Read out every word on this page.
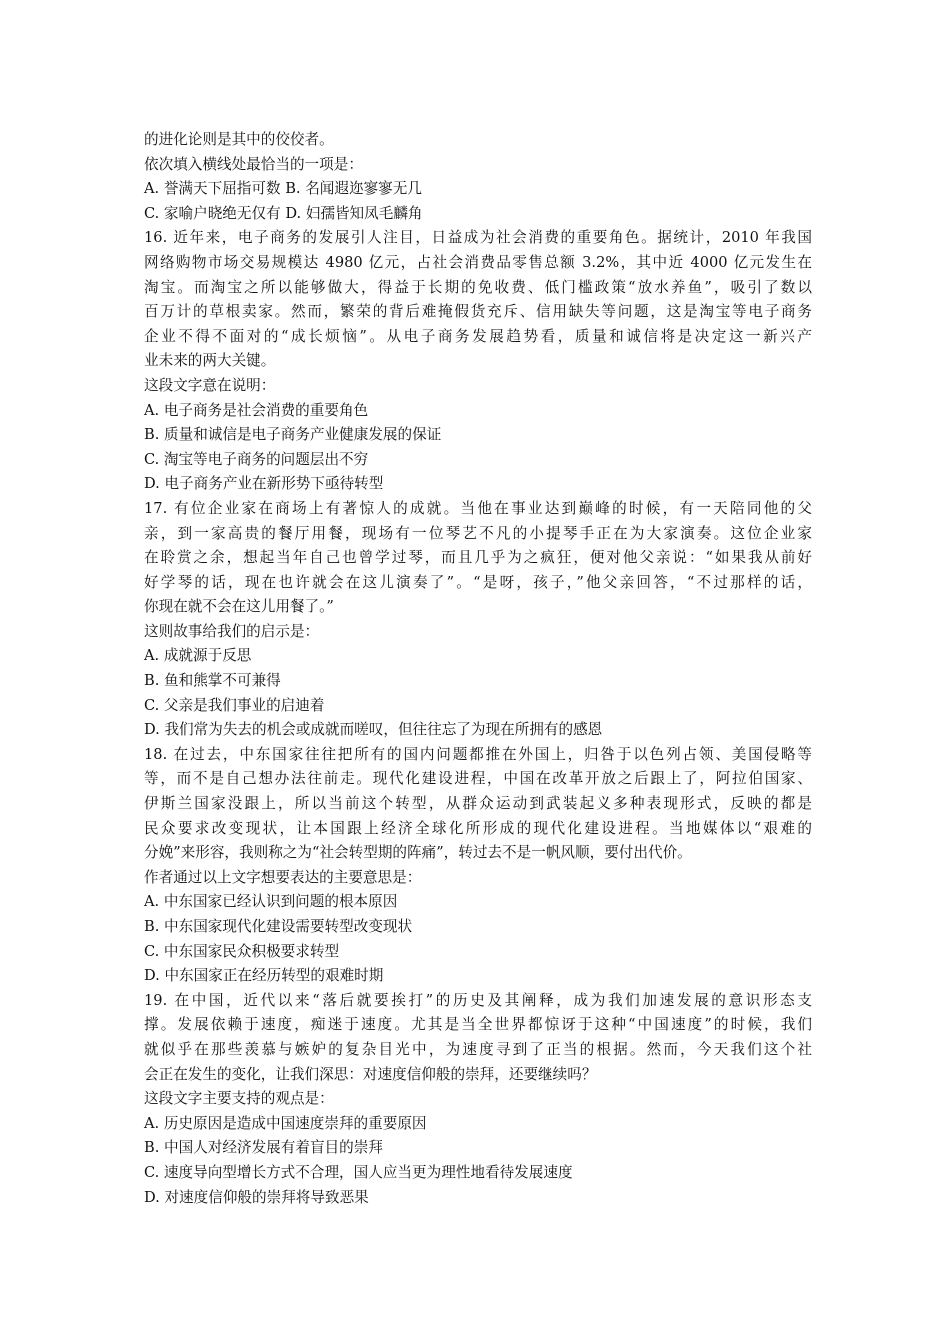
的进化论则是其中的佼佼者。
依次填入横线处最恰当的一项是：
A. 誉满天下屈指可数 B. 名闻遐迩寥寥无几
C. 家喻户晓绝无仅有 D. 妇孺皆知凤毛麟角
16. 近年来，电子商务的发展引人注目，日益成为社会消费的重要角色。据统计，2010 年我国
网络购物市场交易规模达 4980 亿元，占社会消费品零售总额 3.2%，其中近 4000 亿元发生在
淘宝。而淘宝之所以能够做大，得益于长期的免收费、低门槛政策“放水养鱼”，吸引了数以
百万计的草根卖家。然而，繁荣的背后难掩假货充斥、信用缺失等问题，这是淘宝等电子商务
企业不得不面对的“成长烦恼”。从电子商务发展趋势看，质量和诚信将是决定这一新兴产
业未来的两大关键。
这段文字意在说明：
A. 电子商务是社会消费的重要角色
B. 质量和诚信是电子商务产业健康发展的保证
C. 淘宝等电子商务的问题层出不穷
D. 电子商务产业在新形势下亟待转型
17. 有位企业家在商场上有著惊人的成就。当他在事业达到巅峰的时候，有一天陪同他的父
亲，到一家高贵的餐厅用餐，现场有一位琴艺不凡的小提琴手正在为大家演奏。这位企业家
在聆赏之余，想起当年自己也曾学过琴，而且几乎为之疯狂，便对他父亲说：“如果我从前好
好学琴的话，现在也许就会在这儿演奏了”。“是呀，孩子，”他父亲回答，“不过那样的话，
你现在就不会在这儿用餐了。”
这则故事给我们的启示是：
A. 成就源于反思
B. 鱼和熊掌不可兼得
C. 父亲是我们事业的启迪着
D. 我们常为失去的机会或成就而嗟叹，但往往忘了为现在所拥有的感恩
18. 在过去，中东国家往往把所有的国内问题都推在外国上，归咎于以色列占领、美国侵略等
等，而不是自己想办法往前走。现代化建设进程，中国在改革开放之后跟上了，阿拉伯国家、
伊斯兰国家没跟上，所以当前这个转型，从群众运动到武装起义多种表现形式，反映的都是
民众要求改变现状，让本国跟上经济全球化所形成的现代化建设进程。当地媒体以“艰难的
分娩”来形容，我则称之为“社会转型期的阵痛”，转过去不是一帆风顺，要付出代价。
作者通过以上文字想要表达的主要意思是：
A. 中东国家已经认识到问题的根本原因
B. 中东国家现代化建设需要转型改变现状
C. 中东国家民众积极要求转型
D. 中东国家正在经历转型的艰难时期
19. 在中国，近代以来“落后就要挨打”的历史及其阐释，成为我们加速发展的意识形态支
撑。发展依赖于速度，痴迷于速度。尤其是当全世界都惊讶于这种“中国速度”的时候，我们
就似乎在那些羡慕与嫉妒的复杂目光中，为速度寻到了正当的根据。然而，今天我们这个社
会正在发生的变化，让我们深思：对速度信仰般的崇拜，还要继续吗？
这段文字主要支持的观点是：
A. 历史原因是造成中国速度崇拜的重要原因
B. 中国人对经济发展有着盲目的崇拜
C. 速度导向型增长方式不合理，国人应当更为理性地看待发展速度
D. 对速度信仰般的崇拜将导致恶果
